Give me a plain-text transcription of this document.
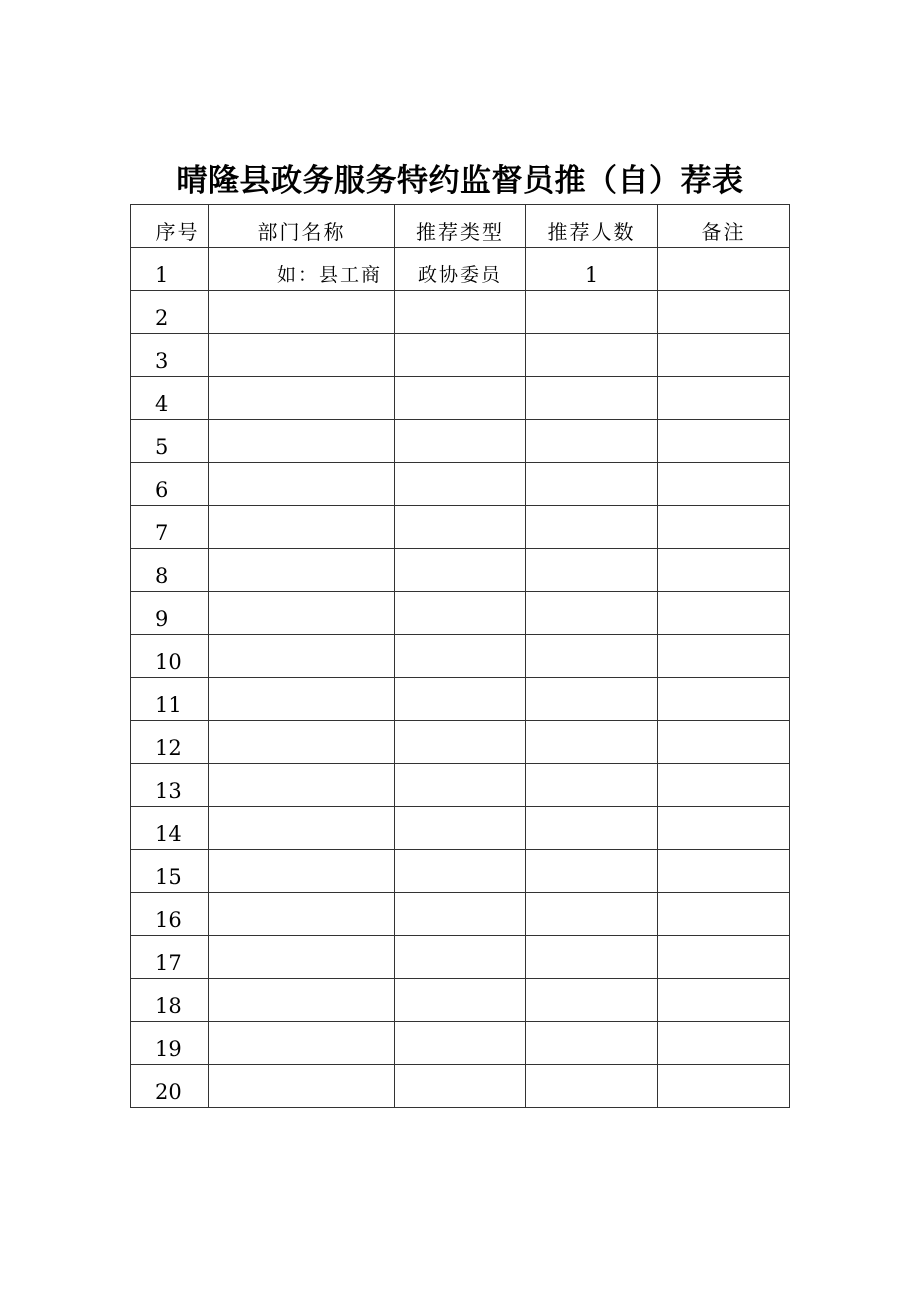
晴隆县政务服务特约监督员推（自）荐表
序号	部门名称	推荐类型	推荐人数	备注
1	如：县工商	政协委员	1	
2				
3				
4				
5				
6				
7				
8				
9				
10				
11				
12				
13				
14				
15				
16				
17				
18				
19				
20				
